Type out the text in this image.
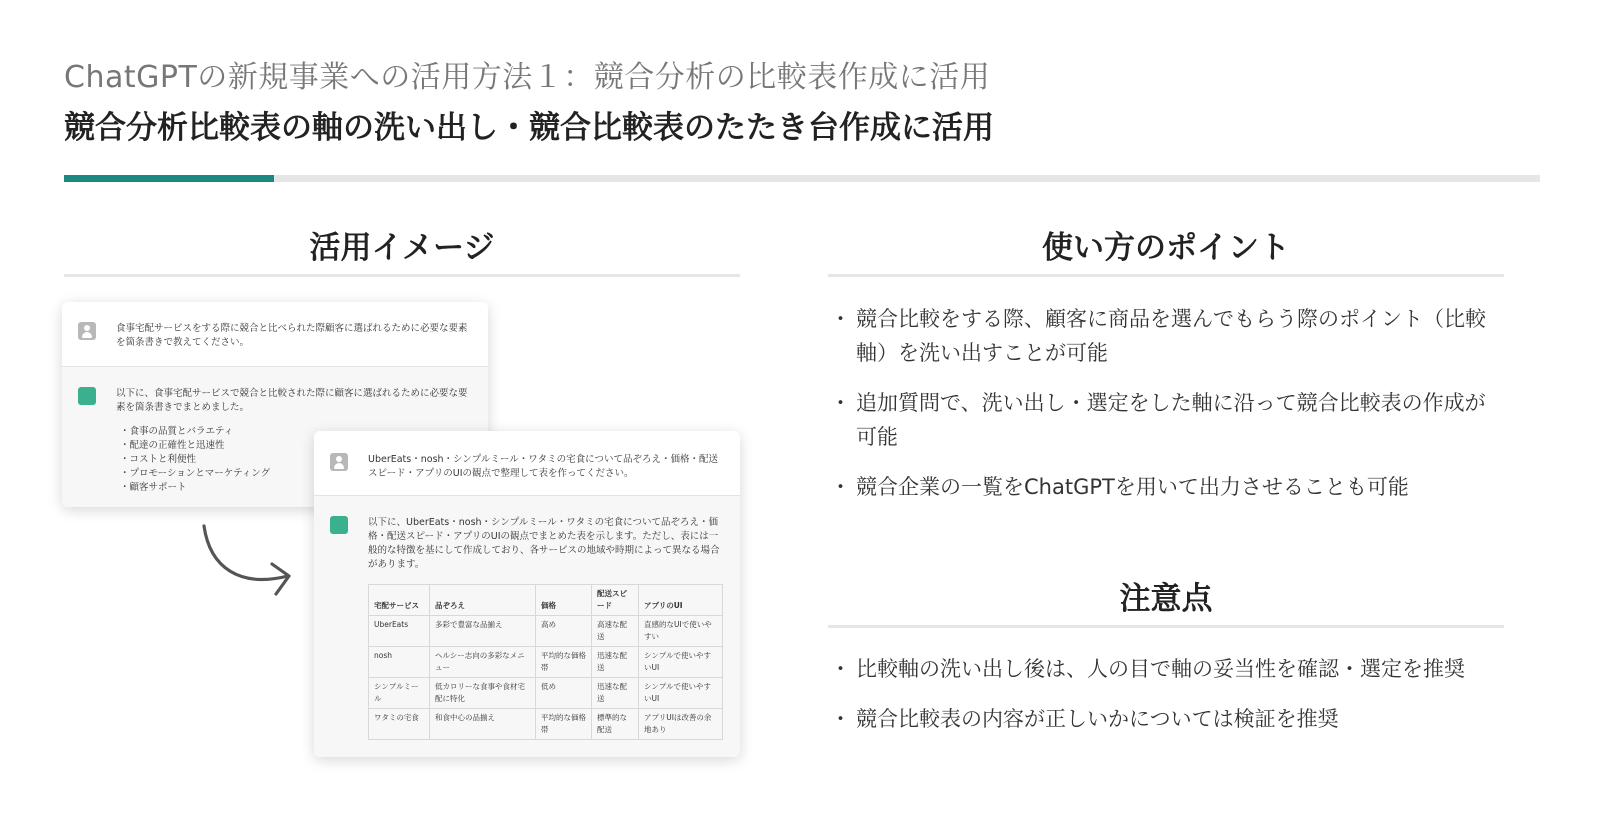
ChatGPTの新規事業への活用方法１：競合分析の比較表作成に活用
競合分析比較表の軸の洗い出し・競合比較表のたたき台作成に活用
活用イメージ
食事宅配サービスをする際に競合と比べられた際顧客に選ばれるために必要な要素を箇条書きで教えてください。
以下に、食事宅配サービスで競合と比較された際に顧客に選ばれるために必要な要素を箇条書きでまとめました。
・ 食事の品質とバラエティ
・ 配達の正確性と迅速性
・ コストと利便性
・ プロモーションとマーケティング
・ 顧客サポート
UberEats・nosh・シンプルミール・ワタミの宅食について品ぞろえ・価格・配送スピード・アプリのUIの観点で整理して表を作ってください。
以下に、UberEats・nosh・シンプルミール・ワタミの宅食について品ぞろえ・価格・配送スピード・アプリのUIの観点でまとめた表を示します。ただし、表には一般的な特徴を基にして作成しており、各サービスの地域や時期によって異なる場合があります。
宅配サービス	品ぞろえ	価格	配送スピード	アプリのUI
UberEats	多彩で豊富な品揃え	高め	高速な配送	直感的なUIで使いやすい
nosh	ヘルシー志向の多彩なメニュー	平均的な価格帯	迅速な配送	シンプルで使いやすいUI
シンプルミール	低カロリーな食事や食材宅配に特化	低め	迅速な配送	シンプルで使いやすいUI
ワタミの宅食	和食中心の品揃え	平均的な価格帯	標準的な配送	アプリUIは改善の余地あり
使い方のポイント
・ 競合比較をする際、顧客に商品を選んでもらう際のポイント（比較軸）を洗い出すことが可能
・ 追加質問で、洗い出し・選定をした軸に沿って競合比較表の作成が可能
・ 競合企業の一覧をChatGPTを用いて出力させることも可能
注意点
・ 比較軸の洗い出し後は、人の目で軸の妥当性を確認・選定を推奨
・ 競合比較表の内容が正しいかについては検証を推奨
